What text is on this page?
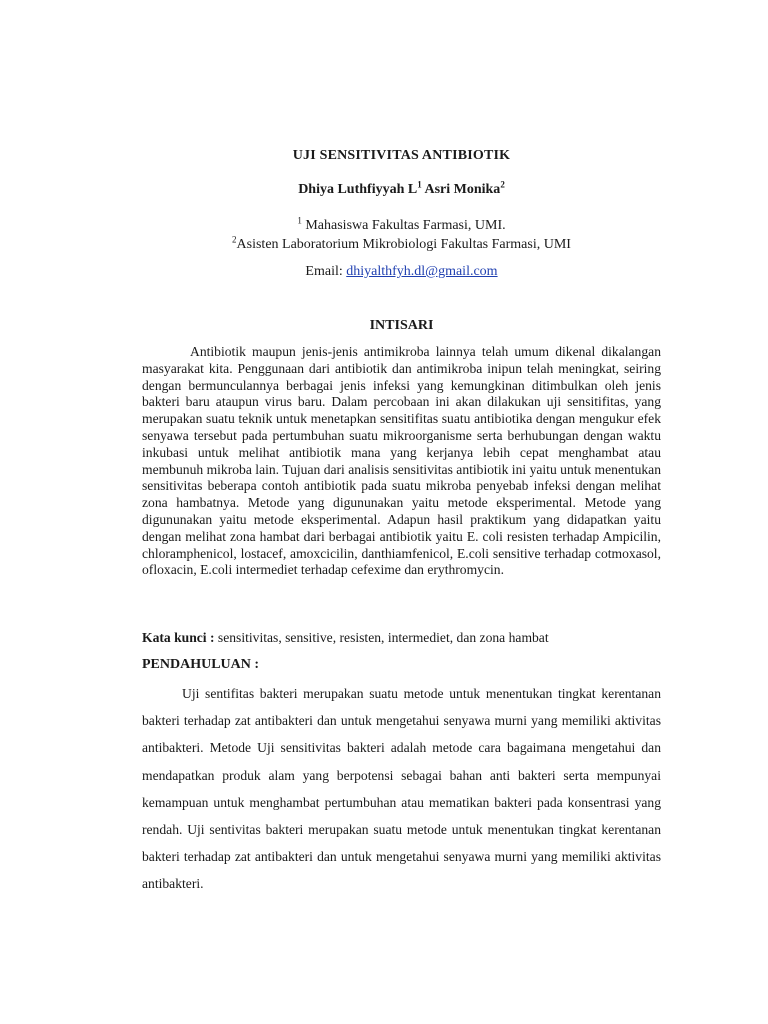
UJI SENSITIVITAS ANTIBIOTIK
Dhiya Luthfiyyah $L^1$ Asri Monika$^2$
$^1$ Mahasiswa Fakultas Farmasi, UMI.
$^2$Asisten Laboratorium Mikrobiologi Fakultas Farmasi, UMI
Email: dhiyalthfyh.dl@gmail.com
INTISARI

Antibiotik maupun jenis-jenis antimikroba lainnya telah umum dikenal dikalangan masyarakat kita. Penggunaan dari antibiotik dan antimikroba inipun telah meningkat, seiring dengan bermunculannya berbagai jenis infeksi yang kemungkinan ditimbulkan oleh jenis bakteri baru ataupun virus baru. Dalam percobaan ini akan dilakukan uji sensitifitas, yang merupakan suatu teknik untuk menetapkan sensitifitas suatu antibiotika dengan mengukur efek senyawa tersebut pada pertumbuhan suatu mikroorganisme serta berhubungan dengan waktu inkubasi untuk melihat antibiotik mana yang kerjanya lebih cepat menghambat atau membunuh mikroba lain. Tujuan dari analisis sensitivitas antibiotik ini yaitu untuk menentukan sensitivitas beberapa contoh antibiotik pada suatu mikroba penyebab infeksi dengan melihat zona hambatnya. Metode yang digununakan yaitu metode eksperimental. Metode yang digununakan yaitu metode eksperimental. Adapun hasil praktikum yang didapatkan yaitu dengan melihat zona hambat dari berbagai antibiotik yaitu E. coli resisten terhadap Ampicilin, chloramphenicol, lostacef, amoxcicilin, danthiamfenicol, E.coli sensitive terhadap cotmoxasol, ofloxacin, E.coli intermediet terhadap cefexime dan erythromycin.

Kata kunci : sensitivitas, sensitive, resisten, intermediet, dan zona hambat
PENDAHULUAN :

Uji sentifitas bakteri merupakan suatu metode untuk menentukan tingkat kerentanan bakteri terhadap zat antibakteri dan untuk mengetahui senyawa murni yang memiliki aktivitas antibakteri. Metode Uji sensitivitas bakteri adalah metode cara bagaimana mengetahui dan mendapatkan produk alam yang berpotensi sebagai bahan anti bakteri serta mempunyai kemampuan untuk menghambat pertumbuhan atau mematikan bakteri pada konsentrasi yang rendah. Uji sentivitas bakteri merupakan suatu metode untuk menentukan tingkat kerentanan bakteri terhadap zat antibakteri dan untuk mengetahui senyawa murni yang memiliki aktivitas antibakteri.
